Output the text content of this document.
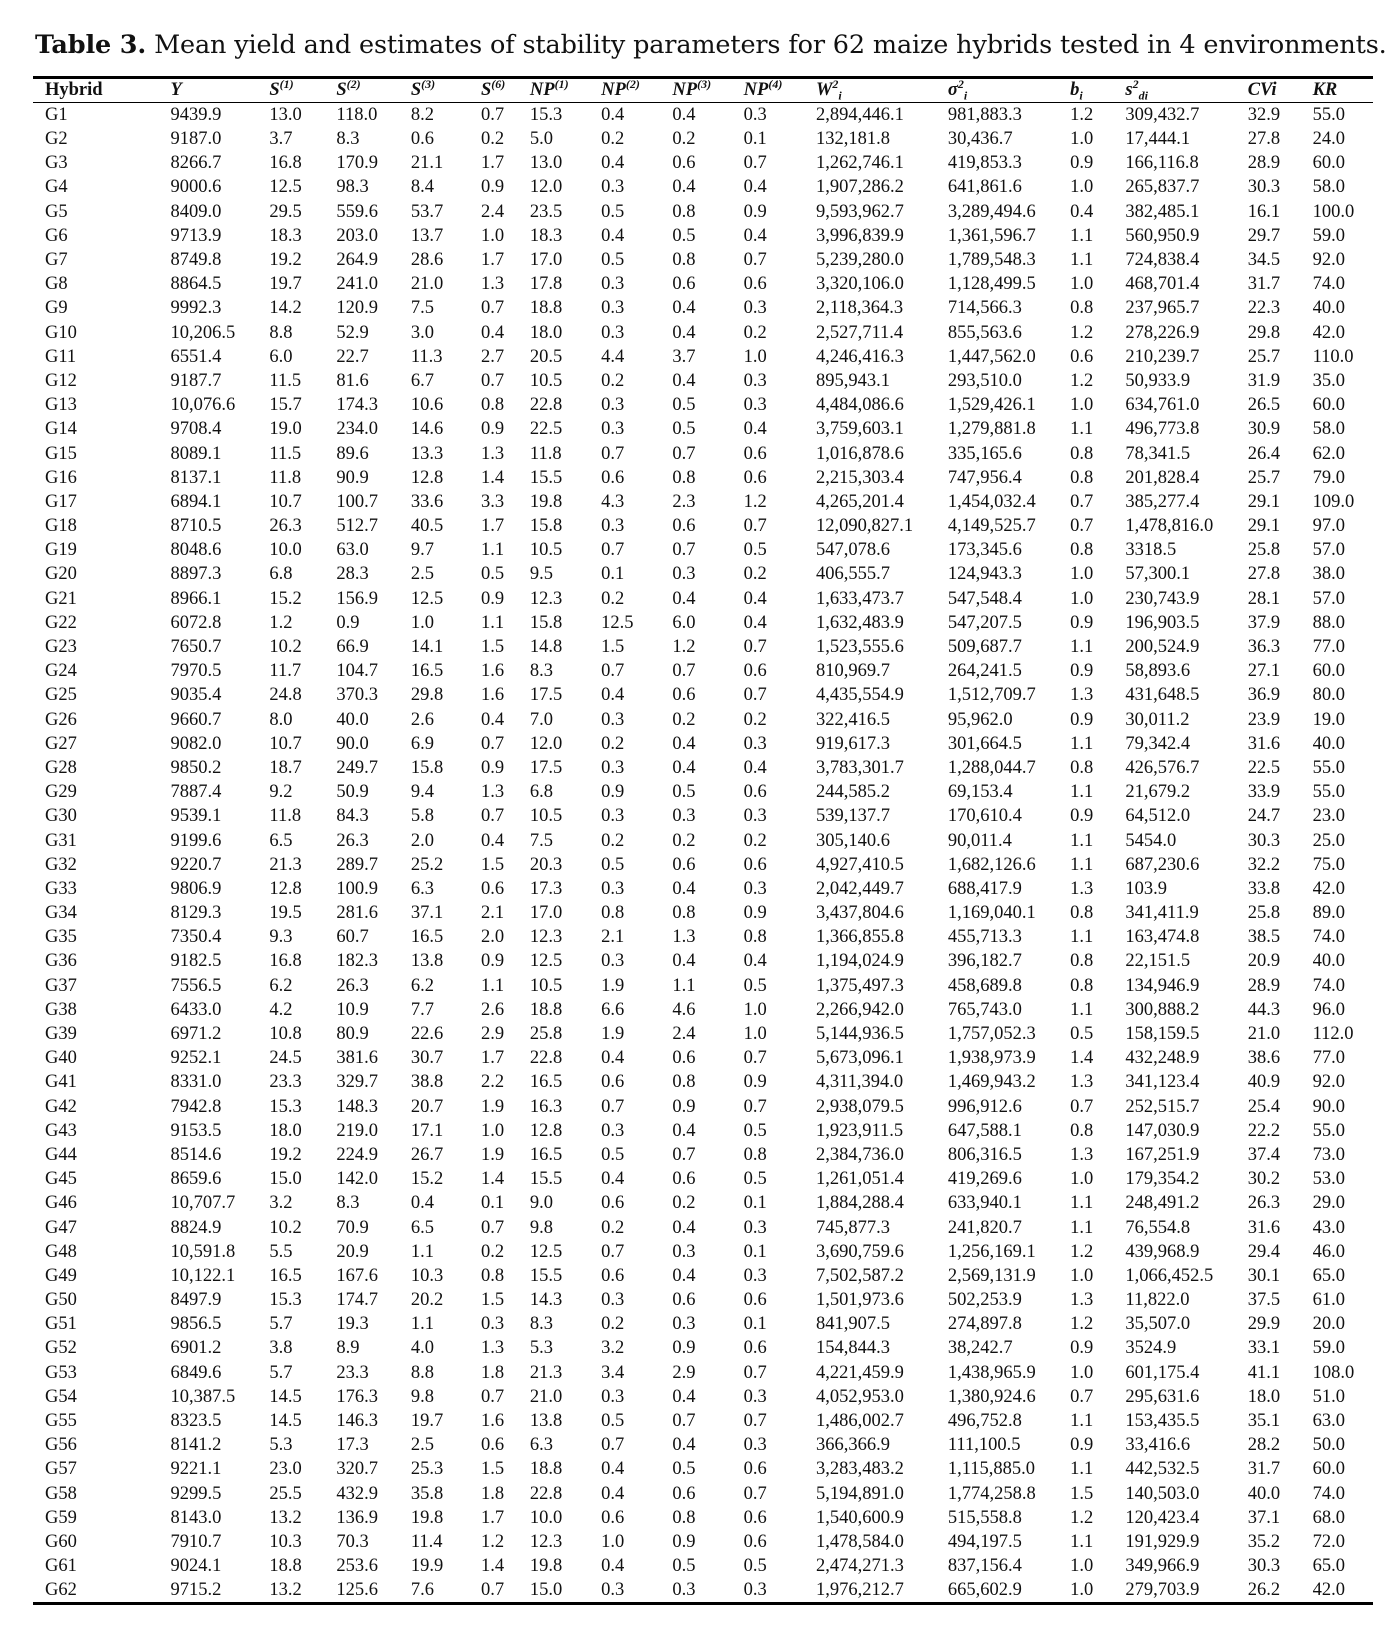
Table 3. Mean yield and estimates of stability parameters for 62 maize hybrids tested in 4 environments.
Hybrid	Y	$S^{(1)}$	$S^{(2)}$	$S^{(3)}$	$S^{(6)}$	NP$^{(1)}$	NP$^{(2)}$	NP$^{(3)}$	NP$^{(4)}$	$W^2_i$	$\sigma^2_i$	$b_i$	$s^2_{di}$	CVi	KR
G1	9439.9	13.0	118.0	8.2	0.7	15.3	0.4	0.4	0.3	2,894,446.1	981,883.3	1.2	309,432.7	32.9	55.0
G2	9187.0	3.7	8.3	0.6	0.2	5.0	0.2	0.2	0.1	132,181.8	30,436.7	1.0	17,444.1	27.8	24.0
G3	8266.7	16.8	170.9	21.1	1.7	13.0	0.4	0.6	0.7	1,262,746.1	419,853.3	0.9	166,116.8	28.9	60.0
G4	9000.6	12.5	98.3	8.4	0.9	12.0	0.3	0.4	0.4	1,907,286.2	641,861.6	1.0	265,837.7	30.3	58.0
G5	8409.0	29.5	559.6	53.7	2.4	23.5	0.5	0.8	0.9	9,593,962.7	3,289,494.6	0.4	382,485.1	16.1	100.0
G6	9713.9	18.3	203.0	13.7	1.0	18.3	0.4	0.5	0.4	3,996,839.9	1,361,596.7	1.1	560,950.9	29.7	59.0
G7	8749.8	19.2	264.9	28.6	1.7	17.0	0.5	0.8	0.7	5,239,280.0	1,789,548.3	1.1	724,838.4	34.5	92.0
G8	8864.5	19.7	241.0	21.0	1.3	17.8	0.3	0.6	0.6	3,320,106.0	1,128,499.5	1.0	468,701.4	31.7	74.0
G9	9992.3	14.2	120.9	7.5	0.7	18.8	0.3	0.4	0.3	2,118,364.3	714,566.3	0.8	237,965.7	22.3	40.0
G10	10,206.5	8.8	52.9	3.0	0.4	18.0	0.3	0.4	0.2	2,527,711.4	855,563.6	1.2	278,226.9	29.8	42.0
G11	6551.4	6.0	22.7	11.3	2.7	20.5	4.4	3.7	1.0	4,246,416.3	1,447,562.0	0.6	210,239.7	25.7	110.0
G12	9187.7	11.5	81.6	6.7	0.7	10.5	0.2	0.4	0.3	895,943.1	293,510.0	1.2	50,933.9	31.9	35.0
G13	10,076.6	15.7	174.3	10.6	0.8	22.8	0.3	0.5	0.3	4,484,086.6	1,529,426.1	1.0	634,761.0	26.5	60.0
G14	9708.4	19.0	234.0	14.6	0.9	22.5	0.3	0.5	0.4	3,759,603.1	1,279,881.8	1.1	496,773.8	30.9	58.0
G15	8089.1	11.5	89.6	13.3	1.3	11.8	0.7	0.7	0.6	1,016,878.6	335,165.6	0.8	78,341.5	26.4	62.0
G16	8137.1	11.8	90.9	12.8	1.4	15.5	0.6	0.8	0.6	2,215,303.4	747,956.4	0.8	201,828.4	25.7	79.0
G17	6894.1	10.7	100.7	33.6	3.3	19.8	4.3	2.3	1.2	4,265,201.4	1,454,032.4	0.7	385,277.4	29.1	109.0
G18	8710.5	26.3	512.7	40.5	1.7	15.8	0.3	0.6	0.7	12,090,827.1	4,149,525.7	0.7	1,478,816.0	29.1	97.0
G19	8048.6	10.0	63.0	9.7	1.1	10.5	0.7	0.7	0.5	547,078.6	173,345.6	0.8	3318.5	25.8	57.0
G20	8897.3	6.8	28.3	2.5	0.5	9.5	0.1	0.3	0.2	406,555.7	124,943.3	1.0	57,300.1	27.8	38.0
G21	8966.1	15.2	156.9	12.5	0.9	12.3	0.2	0.4	0.4	1,633,473.7	547,548.4	1.0	230,743.9	28.1	57.0
G22	6072.8	1.2	0.9	1.0	1.1	15.8	12.5	6.0	0.4	1,632,483.9	547,207.5	0.9	196,903.5	37.9	88.0
G23	7650.7	10.2	66.9	14.1	1.5	14.8	1.5	1.2	0.7	1,523,555.6	509,687.7	1.1	200,524.9	36.3	77.0
G24	7970.5	11.7	104.7	16.5	1.6	8.3	0.7	0.7	0.6	810,969.7	264,241.5	0.9	58,893.6	27.1	60.0
G25	9035.4	24.8	370.3	29.8	1.6	17.5	0.4	0.6	0.7	4,435,554.9	1,512,709.7	1.3	431,648.5	36.9	80.0
G26	9660.7	8.0	40.0	2.6	0.4	7.0	0.3	0.2	0.2	322,416.5	95,962.0	0.9	30,011.2	23.9	19.0
G27	9082.0	10.7	90.0	6.9	0.7	12.0	0.2	0.4	0.3	919,617.3	301,664.5	1.1	79,342.4	31.6	40.0
G28	9850.2	18.7	249.7	15.8	0.9	17.5	0.3	0.4	0.4	3,783,301.7	1,288,044.7	0.8	426,576.7	22.5	55.0
G29	7887.4	9.2	50.9	9.4	1.3	6.8	0.9	0.5	0.6	244,585.2	69,153.4	1.1	21,679.2	33.9	55.0
G30	9539.1	11.8	84.3	5.8	0.7	10.5	0.3	0.3	0.3	539,137.7	170,610.4	0.9	64,512.0	24.7	23.0
G31	9199.6	6.5	26.3	2.0	0.4	7.5	0.2	0.2	0.2	305,140.6	90,011.4	1.1	5454.0	30.3	25.0
G32	9220.7	21.3	289.7	25.2	1.5	20.3	0.5	0.6	0.6	4,927,410.5	1,682,126.6	1.1	687,230.6	32.2	75.0
G33	9806.9	12.8	100.9	6.3	0.6	17.3	0.3	0.4	0.3	2,042,449.7	688,417.9	1.3	103.9	33.8	42.0
G34	8129.3	19.5	281.6	37.1	2.1	17.0	0.8	0.8	0.9	3,437,804.6	1,169,040.1	0.8	341,411.9	25.8	89.0
G35	7350.4	9.3	60.7	16.5	2.0	12.3	2.1	1.3	0.8	1,366,855.8	455,713.3	1.1	163,474.8	38.5	74.0
G36	9182.5	16.8	182.3	13.8	0.9	12.5	0.3	0.4	0.4	1,194,024.9	396,182.7	0.8	22,151.5	20.9	40.0
G37	7556.5	6.2	26.3	6.2	1.1	10.5	1.9	1.1	0.5	1,375,497.3	458,689.8	0.8	134,946.9	28.9	74.0
G38	6433.0	4.2	10.9	7.7	2.6	18.8	6.6	4.6	1.0	2,266,942.0	765,743.0	1.1	300,888.2	44.3	96.0
G39	6971.2	10.8	80.9	22.6	2.9	25.8	1.9	2.4	1.0	5,144,936.5	1,757,052.3	0.5	158,159.5	21.0	112.0
G40	9252.1	24.5	381.6	30.7	1.7	22.8	0.4	0.6	0.7	5,673,096.1	1,938,973.9	1.4	432,248.9	38.6	77.0
G41	8331.0	23.3	329.7	38.8	2.2	16.5	0.6	0.8	0.9	4,311,394.0	1,469,943.2	1.3	341,123.4	40.9	92.0
G42	7942.8	15.3	148.3	20.7	1.9	16.3	0.7	0.9	0.7	2,938,079.5	996,912.6	0.7	252,515.7	25.4	90.0
G43	9153.5	18.0	219.0	17.1	1.0	12.8	0.3	0.4	0.5	1,923,911.5	647,588.1	0.8	147,030.9	22.2	55.0
G44	8514.6	19.2	224.9	26.7	1.9	16.5	0.5	0.7	0.8	2,384,736.0	806,316.5	1.3	167,251.9	37.4	73.0
G45	8659.6	15.0	142.0	15.2	1.4	15.5	0.4	0.6	0.5	1,261,051.4	419,269.6	1.0	179,354.2	30.2	53.0
G46	10,707.7	3.2	8.3	0.4	0.1	9.0	0.6	0.2	0.1	1,884,288.4	633,940.1	1.1	248,491.2	26.3	29.0
G47	8824.9	10.2	70.9	6.5	0.7	9.8	0.2	0.4	0.3	745,877.3	241,820.7	1.1	76,554.8	31.6	43.0
G48	10,591.8	5.5	20.9	1.1	0.2	12.5	0.7	0.3	0.1	3,690,759.6	1,256,169.1	1.2	439,968.9	29.4	46.0
G49	10,122.1	16.5	167.6	10.3	0.8	15.5	0.6	0.4	0.3	7,502,587.2	2,569,131.9	1.0	1,066,452.5	30.1	65.0
G50	8497.9	15.3	174.7	20.2	1.5	14.3	0.3	0.6	0.6	1,501,973.6	502,253.9	1.3	11,822.0	37.5	61.0
G51	9856.5	5.7	19.3	1.1	0.3	8.3	0.2	0.3	0.1	841,907.5	274,897.8	1.2	35,507.0	29.9	20.0
G52	6901.2	3.8	8.9	4.0	1.3	5.3	3.2	0.9	0.6	154,844.3	38,242.7	0.9	3524.9	33.1	59.0
G53	6849.6	5.7	23.3	8.8	1.8	21.3	3.4	2.9	0.7	4,221,459.9	1,438,965.9	1.0	601,175.4	41.1	108.0
G54	10,387.5	14.5	176.3	9.8	0.7	21.0	0.3	0.4	0.3	4,052,953.0	1,380,924.6	0.7	295,631.6	18.0	51.0
G55	8323.5	14.5	146.3	19.7	1.6	13.8	0.5	0.7	0.7	1,486,002.7	496,752.8	1.1	153,435.5	35.1	63.0
G56	8141.2	5.3	17.3	2.5	0.6	6.3	0.7	0.4	0.3	366,366.9	111,100.5	0.9	33,416.6	28.2	50.0
G57	9221.1	23.0	320.7	25.3	1.5	18.8	0.4	0.5	0.6	3,283,483.2	1,115,885.0	1.1	442,532.5	31.7	60.0
G58	9299.5	25.5	432.9	35.8	1.8	22.8	0.4	0.6	0.7	5,194,891.0	1,774,258.8	1.5	140,503.0	40.0	74.0
G59	8143.0	13.2	136.9	19.8	1.7	10.0	0.6	0.8	0.6	1,540,600.9	515,558.8	1.2	120,423.4	37.1	68.0
G60	7910.7	10.3	70.3	11.4	1.2	12.3	1.0	0.9	0.6	1,478,584.0	494,197.5	1.1	191,929.9	35.2	72.0
G61	9024.1	18.8	253.6	19.9	1.4	19.8	0.4	0.5	0.5	2,474,271.3	837,156.4	1.0	349,966.9	30.3	65.0
G62	9715.2	13.2	125.6	7.6	0.7	15.0	0.3	0.3	0.3	1,976,212.7	665,602.9	1.0	279,703.9	26.2	42.0
